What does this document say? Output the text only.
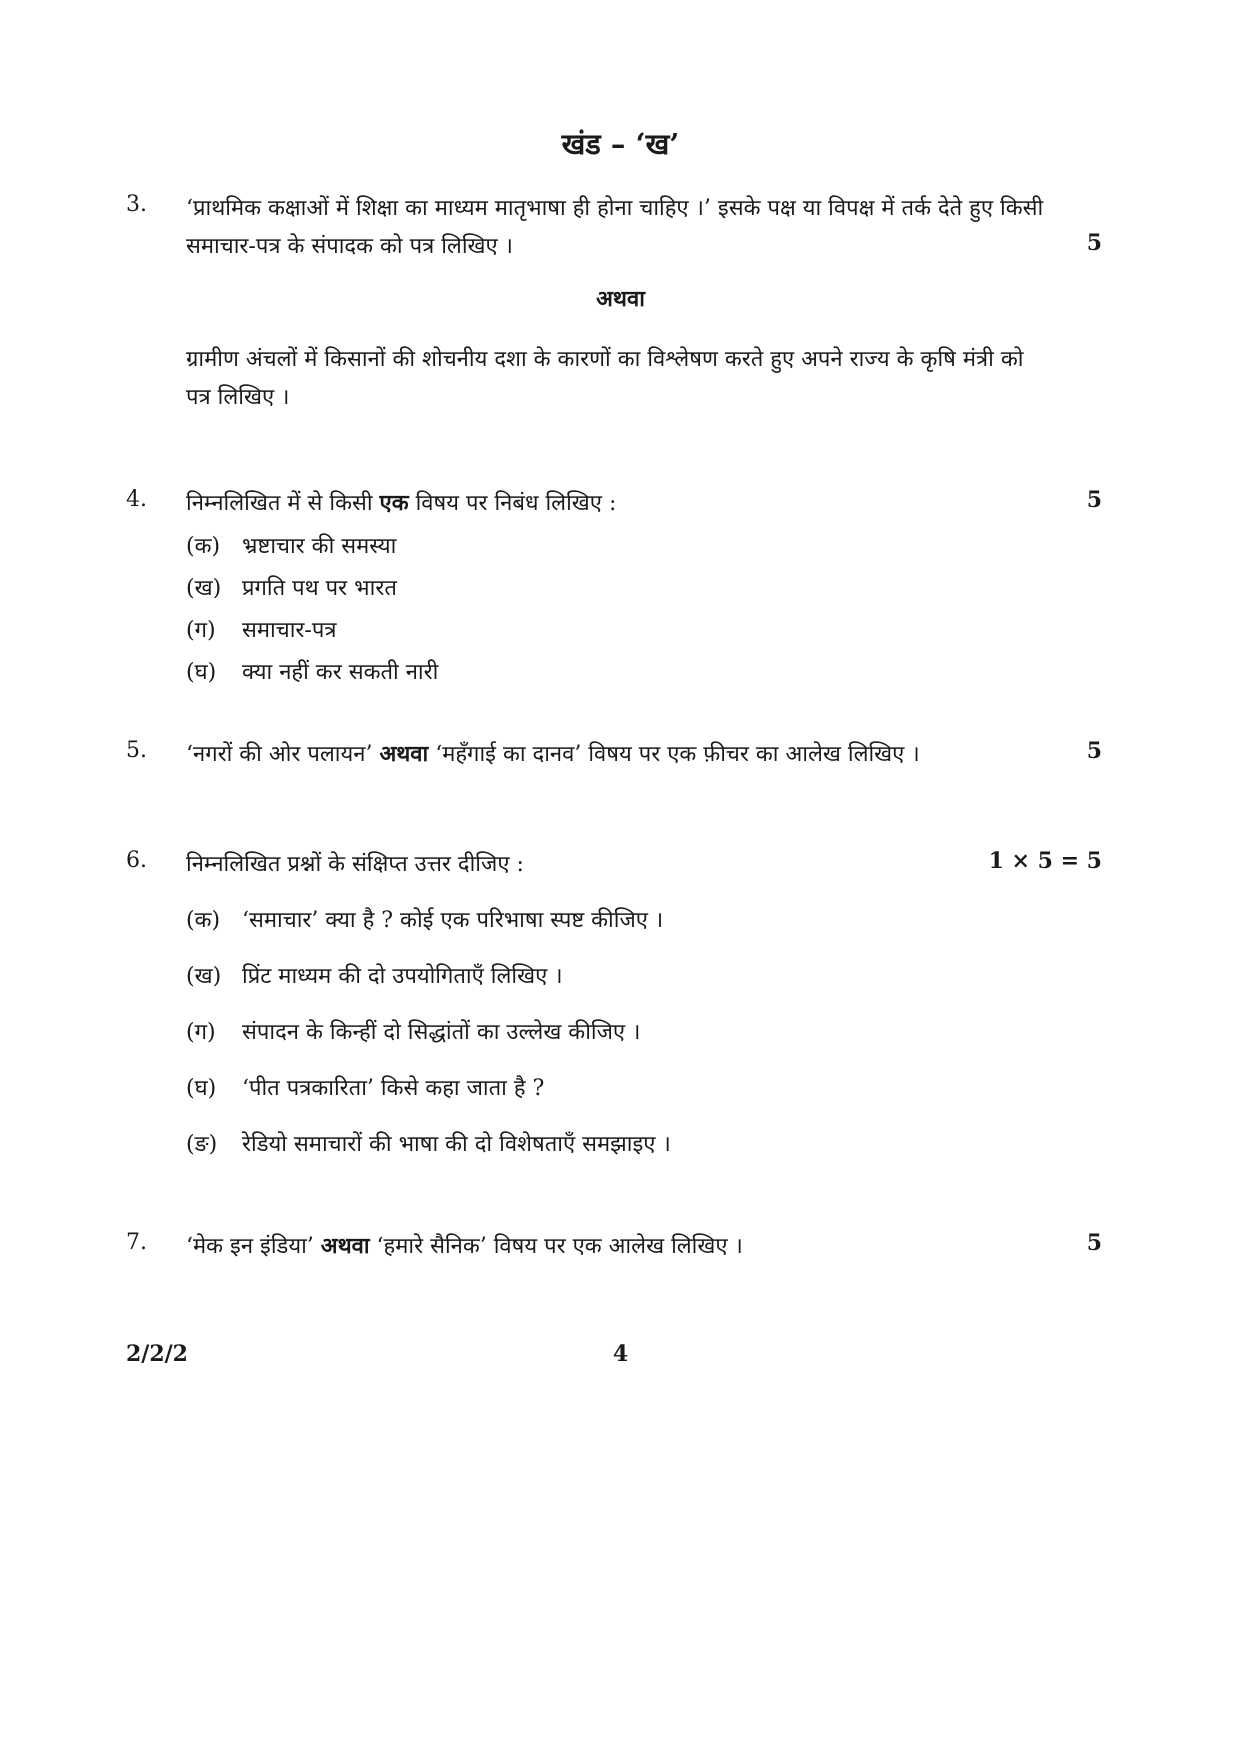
खंड – ‘ख’
3. ‘प्राथमिक कक्षाओं में शिक्षा का माध्यम मातृभाषा ही होना चाहिए ।’ इसके पक्ष या विपक्ष में तर्क देते हुए किसी
समाचार-पत्र के संपादक को पत्र लिखिए ।	5
अथवा
ग्रामीण अंचलों में किसानों की शोचनीय दशा के कारणों का विश्लेषण करते हुए अपने राज्य के कृषि मंत्री को
पत्र लिखिए ।
4. निम्नलिखित में से किसी एक विषय पर निबंध लिखिए :	5
(क) भ्रष्टाचार की समस्या
(ख) प्रगति पथ पर भारत
(ग) समाचार-पत्र
(घ) क्या नहीं कर सकती नारी
5. ‘नगरों की ओर पलायन’ अथवा ‘महँगाई का दानव’ विषय पर एक फ़ीचर का आलेख लिखिए ।	5
6. निम्नलिखित प्रश्नों के संक्षिप्त उत्तर दीजिए :	1 × 5 = 5
(क) ‘समाचार’ क्या है ? कोई एक परिभाषा स्पष्ट कीजिए ।
(ख) प्रिंट माध्यम की दो उपयोगिताएँ लिखिए ।
(ग) संपादन के किन्हीं दो सिद्धांतों का उल्लेख कीजिए ।
(घ) ‘पीत पत्रकारिता’ किसे कहा जाता है ?
(ङ) रेडियो समाचारों की भाषा की दो विशेषताएँ समझाइए ।
7. ‘मेक इन इंडिया’ अथवा ‘हमारे सैनिक’ विषय पर एक आलेख लिखिए ।	5
2/2/2	4
